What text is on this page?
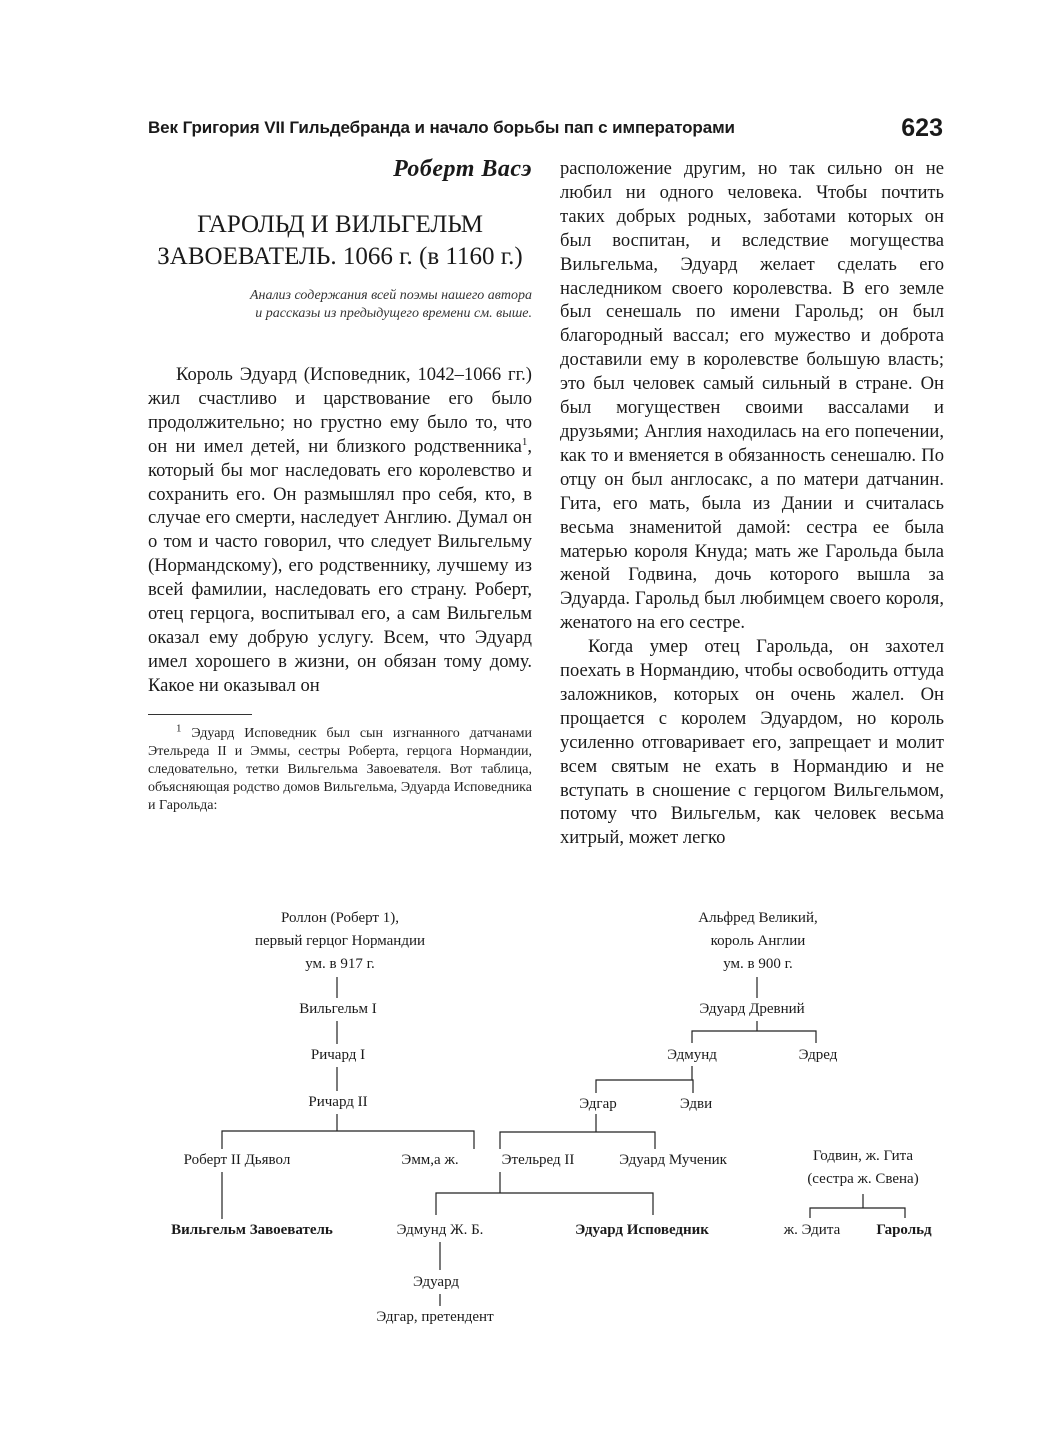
Век Григория VII Гильдебранда и начало борьбы пап с императорами	623
Роберт Васэ
ГАРОЛЬД И ВИЛЬГЕЛЬМ
ЗАВОЕВАТЕЛЬ. 1066 г. (в 1160 г.)
Анализ содержания всей поэмы нашего автора
и рассказы из предыдущего времени см. выше.

Король Эдуард (Исповедник, 1042–1066 гг.) жил счастливо и царствование его было продолжительно; но грустно ему было то, что он ни имел детей, ни близкого родственника$^1$, который бы мог наследовать его королевство и сохранить его. Он размышлял про себя, кто, в случае его смерти, наследует Англию. Думал он о том и часто говорил, что следует Вильгельму (Нормандскому), его родственнику, лучшему из всей фамилии, наследовать его страну. Роберт, отец герцога, воспитывал его, а сам Вильгельм оказал ему добрую услугу. Всем, что Эдуард имел хорошего в жизни, он обязан тому дому. Какое ни оказывал он

$^1$ Эдуард Исповедник был сын изгнанного датчанами Этельреда II и Эммы, сестры Роберта, герцога Нормандии, следовательно, тетки Вильгельма Завоевателя. Вот таблица, объясняющая родство домов Вильгельма, Эдуарда Исповедника и Гарольда:

расположение другим, но так сильно он не любил ни одного человека. Чтобы почтить таких добрых родных, заботами которых он был воспитан, и вследствие могущества Вильгельма, Эдуард желает сделать его наследником своего королевства. В его земле был сенешаль по имени Гарольд; он был благородный вассал; его мужество и доброта доставили ему в королевстве большую власть; это был человек самый сильный в стране. Он был могуществен своими вассалами и друзьями; Англия находилась на его попечении, как то и вменяется в обязанность сенешалю. По отцу он был англосакс, а по матери датчанин. Гита, его мать, была из Дании и считалась весьма знаменитой дамой: сестра ее была матерью короля Кнуда; мать же Гарольда была женой Годвина, дочь которого вышла за Эдуарда. Гарольд был любимцем своего короля, женатого на его сестре.

Когда умер отец Гарольда, он захотел поехать в Нормандию, чтобы освободить оттуда заложников, которых он очень жалел. Он прощается с королем Эдуардом, но король усиленно отговаривает его, запрещает и молит всем святым не ехать в Нормандию и не вступать в сношение с герцогом Вильгельмом, потому что Вильгельм, как человек весьма хитрый, может легко

Роллон (Роберт 1),
первый герцог Нормандии
ум. в 917 г.
Вильгельм I
Ричард I
Ричард II
Роберт II Дьявол	Эмм,а ж.
Вильгельм Завоеватель
Альфред Великий,
король Англии
ум. в 900 г.
Эдуард Древний
Эдмунд	Эдред
Эдгар	Эдви
Этельред II	Эдуард Мученик
Эдмунд Ж. Б.	Эдуард Исповедник
Эдуард
Эдгар, претендент
Годвин, ж. Гита
(сестра ж. Свена)
ж. Эдита Гарольд
